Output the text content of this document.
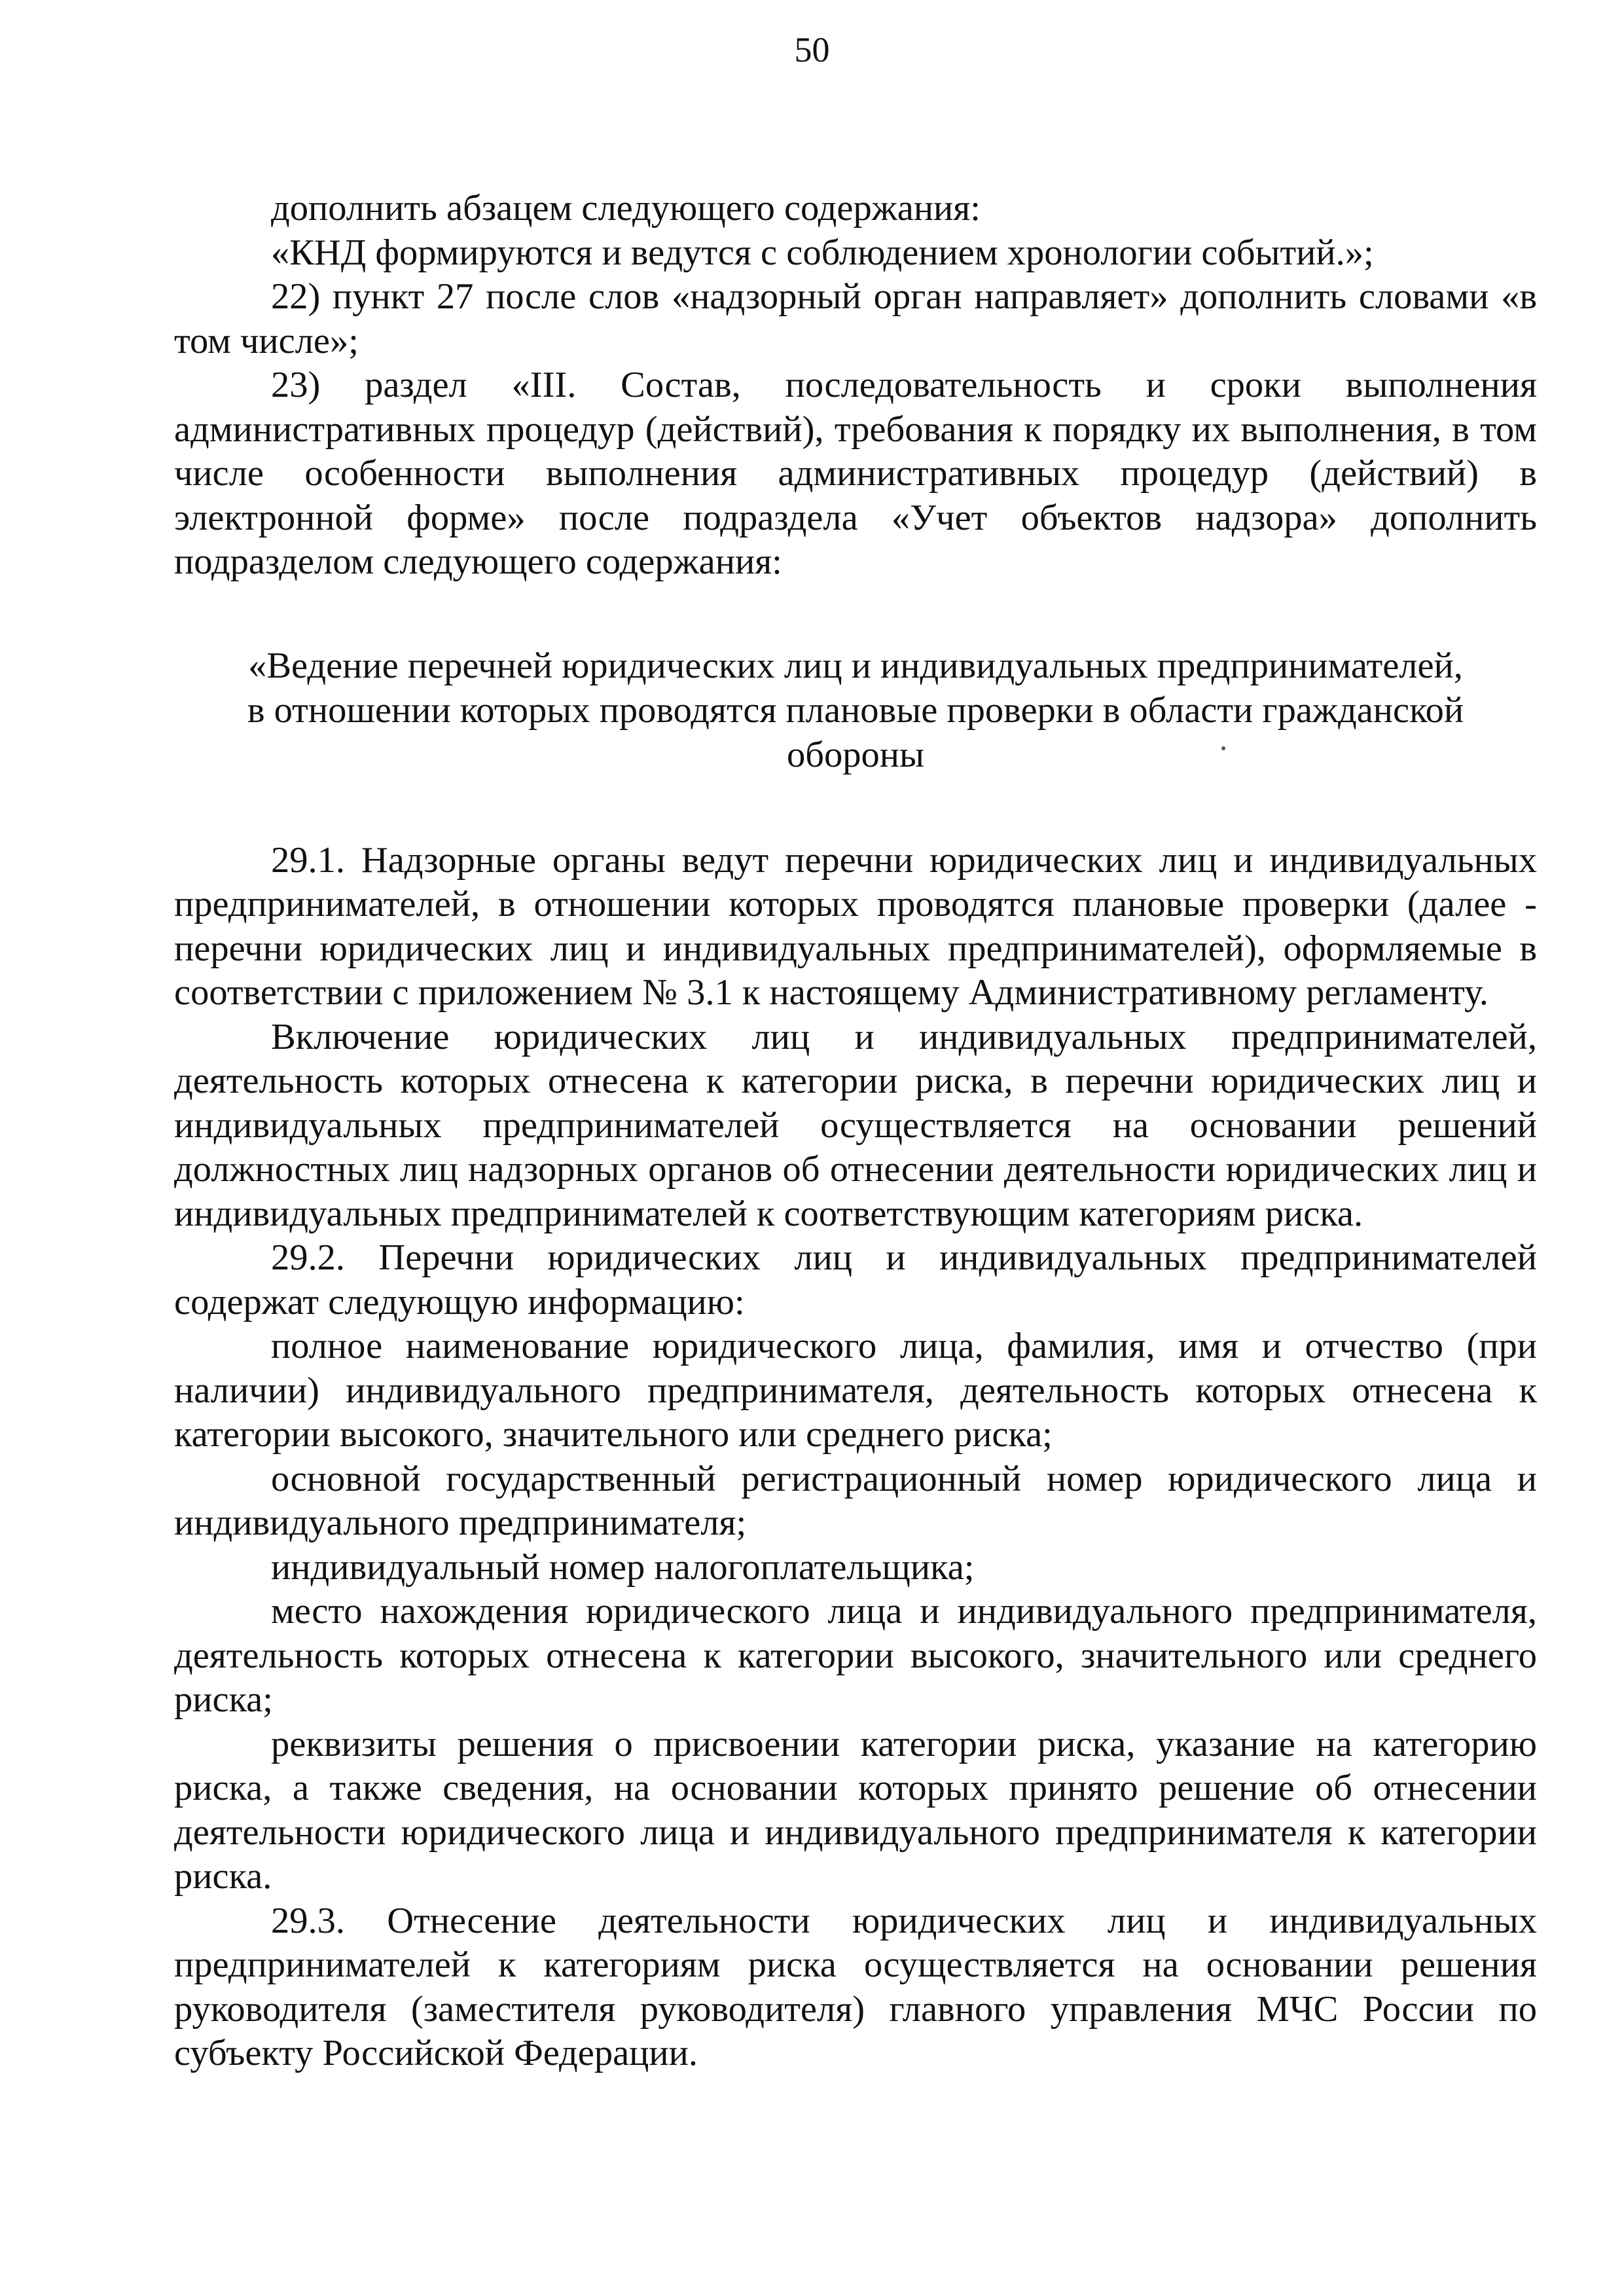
50

дополнить абзацем следующего содержания:

«КНД формируются и ведутся с соблюдением хронологии событий.»;

22) пункт 27 после слов «надзорный орган направляет» дополнить словами «в том числе»;

23) раздел «III. Состав, последовательность и сроки выполнения административных процедур (действий), требования к порядку их выполнения, в том числе особенности выполнения административных процедур (действий) в электронной форме» после подраздела «Учет объектов надзора» дополнить подразделом следующего содержания:

«Ведение перечней юридических лиц и индивидуальных предпринимателей,
в отношении которых проводятся плановые проверки в области гражданской
обороны

29.1. Надзорные органы ведут перечни юридических лиц и индивидуальных предпринимателей, в отношении которых проводятся плановые проверки (далее - перечни юридических лиц и индивидуальных предпринимателей), оформляемые в соответствии с приложением № 3.1 к настоящему Административному регламенту.

Включение юридических лиц и индивидуальных предпринимателей, деятельность которых отнесена к категории риска, в перечни юридических лиц и индивидуальных предпринимателей осуществляется на основании решений должностных лиц надзорных органов об отнесении деятельности юридических лиц и индивидуальных предпринимателей к соответствующим категориям риска.

29.2. Перечни юридических лиц и индивидуальных предпринимателей содержат следующую информацию:

полное наименование юридического лица, фамилия, имя и отчество (при наличии) индивидуального предпринимателя, деятельность которых отнесена к категории высокого, значительного или среднего риска;

основной государственный регистрационный номер юридического лица и индивидуального предпринимателя;

индивидуальный номер налогоплательщика;

место нахождения юридического лица и индивидуального предпринимателя, деятельность которых отнесена к категории высокого, значительного или среднего риска;

реквизиты решения о присвоении категории риска, указание на категорию риска, а также сведения, на основании которых принято решение об отнесении деятельности юридического лица и индивидуального предпринимателя к категории риска.

29.3. Отнесение деятельности юридических лиц и индивидуальных предпринимателей к категориям риска осуществляется на основании решения руководителя (заместителя руководителя) главного управления МЧС России по субъекту Российской Федерации.
